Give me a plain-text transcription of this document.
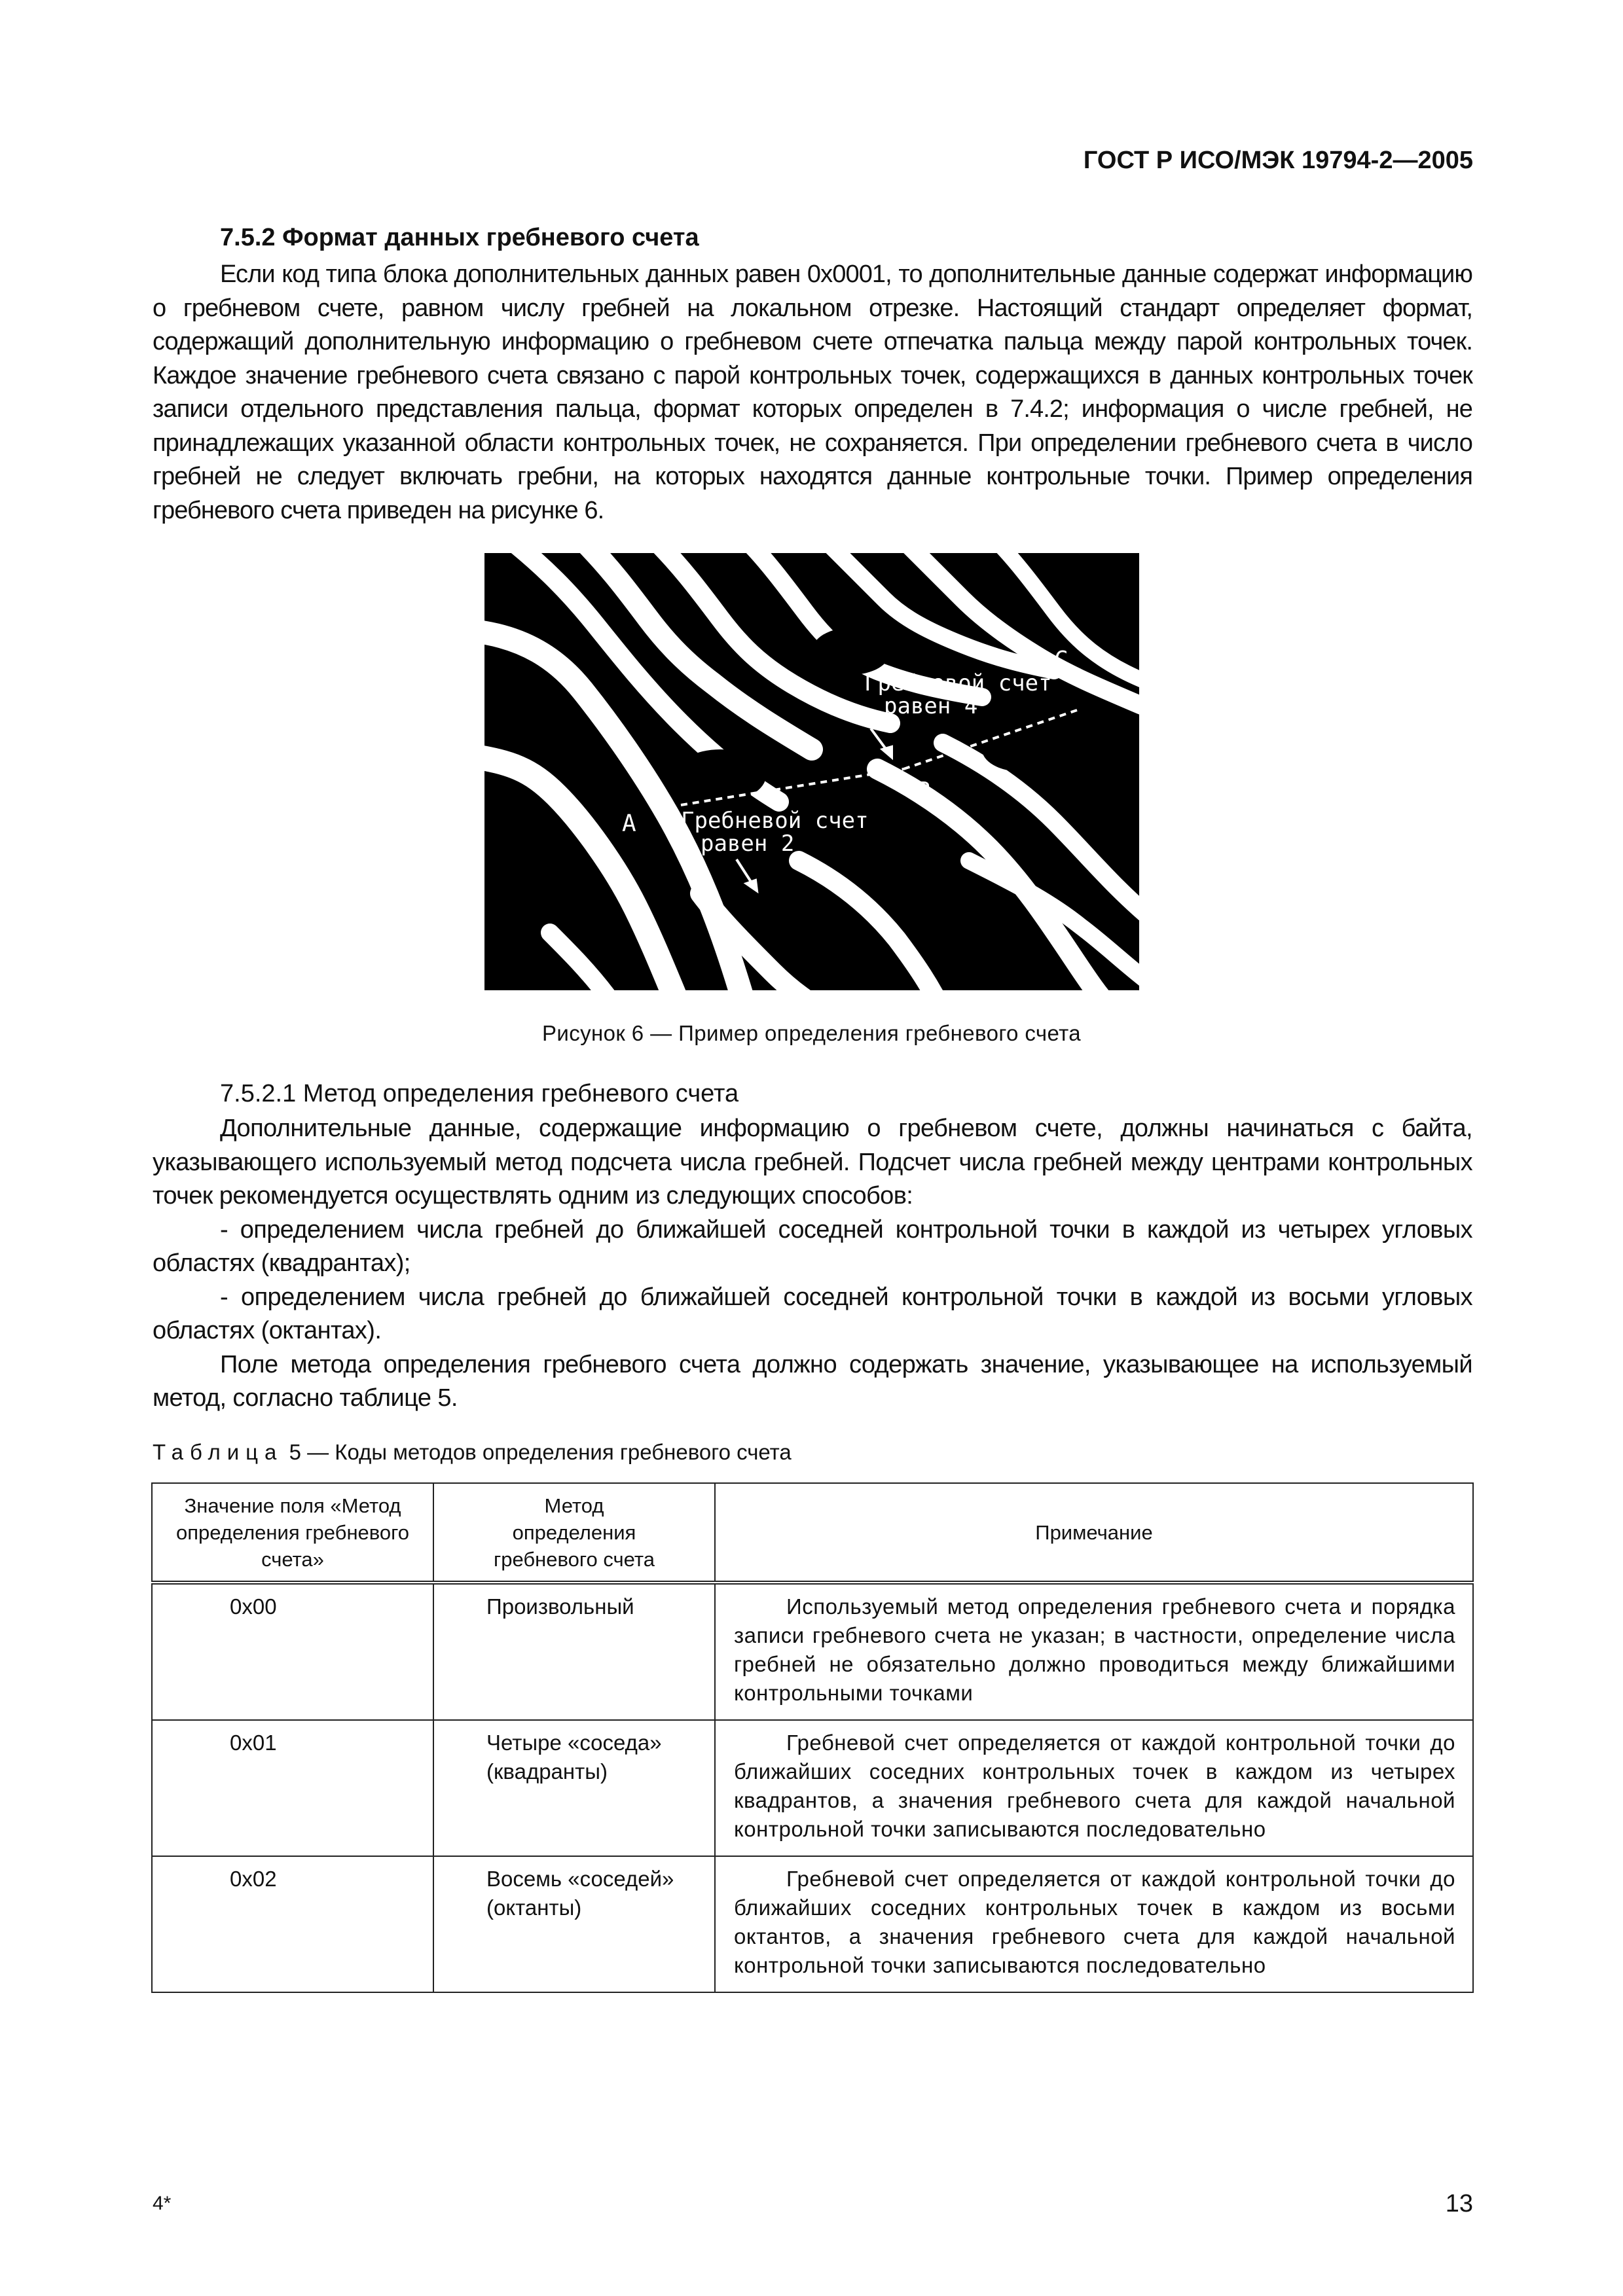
ГОСТ Р ИСО/МЭК 19794-2—2005
7.5.2 Формат данных гребневого счета

Если код типа блока дополнительных данных равен 0x0001, то дополнительные данные содержат информацию о гребневом счете, равном числу гребней на локальном отрезке. Настоящий стандарт определяет формат, содержащий дополнительную информацию о гребневом счете отпечатка пальца между парой контрольных точек. Каждое значение гребневого счета связано с парой контрольных точек, содержащихся в данных контрольных точек записи отдельного представления пальца, формат которых определен в 7.4.2; информация о числе гребней, не принадлежащих указанной области контрольных точек, не сохраняется. При определении гребневого счета в число гребней не следует включать гребни, на которых находятся данные контрольные точки. Пример определения гребневого счета приведен на рисунке 6.

Гребневой счет
равен 4
Гребневой счет
равен 2
A
B
C
Рисунок 6 — Пример определения гребневого счета
7.5.2.1 Метод определения гребневого счета

Дополнительные данные, содержащие информацию о гребневом счете, должны начинаться с байта, указывающего используемый метод подсчета числа гребней. Подсчет числа гребней между центрами контрольных точек рекомендуется осуществлять одним из следующих способов:

- определением числа гребней до ближайшей соседней контрольной точки в каждой из четырех угловых областях (квадрантах);

- определением числа гребней до ближайшей соседней контрольной точки в каждой из восьми угловых областях (октантах).

Поле метода определения гребневого счета должно содержать значение, указывающее на используемый метод, согласно таблице 5.

Таблица 5 — Коды методов определения гребневого счета
Значение поля «Метод определения гребневого счета»	Метод определения гребневого счета	Примечание
0x00	Произвольный	Используемый метод определения гребневого счета и порядка записи гребневого счета не указан; в частности, определение числа гребней не обязательно должно проводиться между ближайшими контрольными точками
0x01	Четыре «соседа» (квадранты)	Гребневой счет определяется от каждой контрольной точки до ближайших соседних контрольных точек в каждом из четырех квадрантов, а значения гребневого счета для каждой начальной контрольной точки записываются последовательно
0x02	Восемь «соседей» (октанты)	Гребневой счет определяется от каждой контрольной точки до ближайших соседних контрольных точек в каждом из восьми октантов, а значения гребневого счета для каждой начальной контрольной точки записываются последовательно
4*	13
